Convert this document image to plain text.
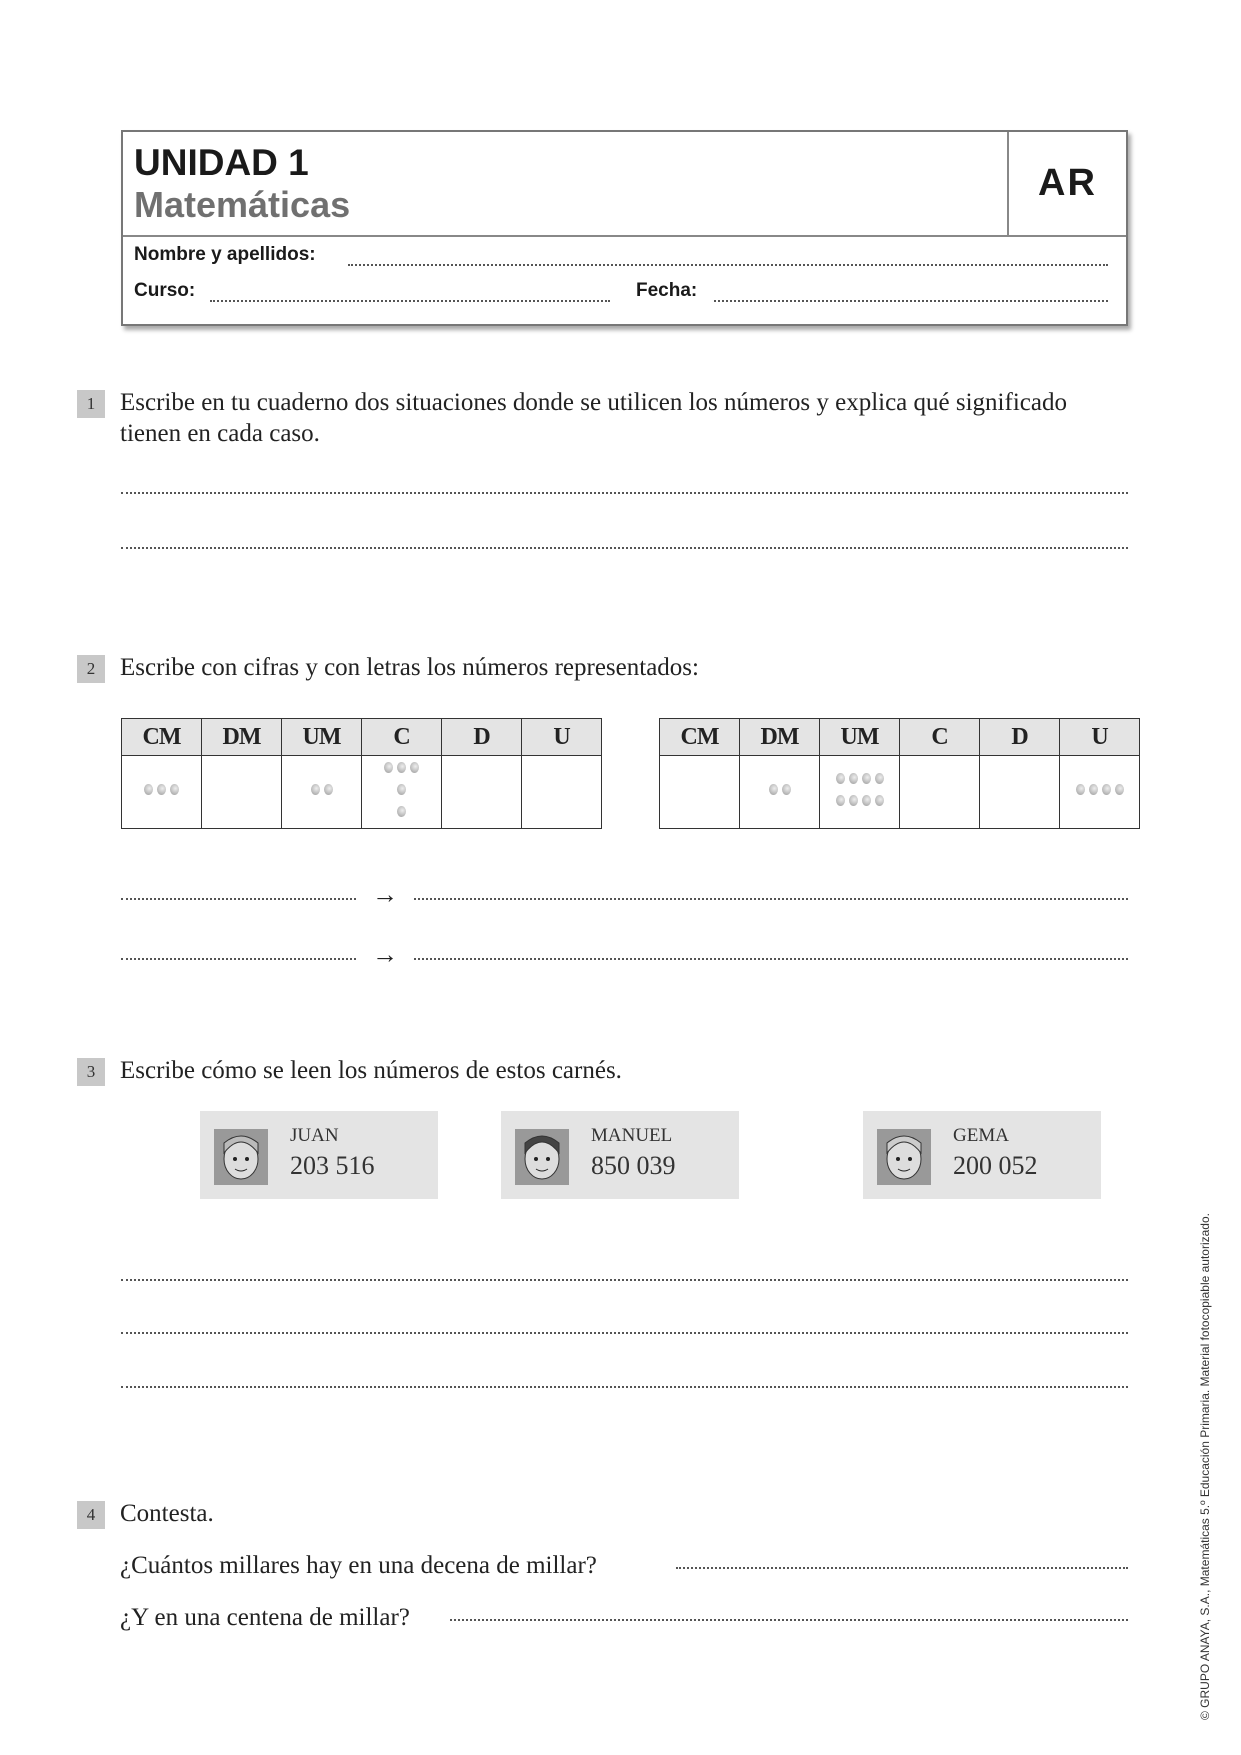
UNIDAD 1
Matemáticas
AR
Nombre y apellidos:
Curso:	Fecha:
1 Escribe en tu cuaderno dos situaciones donde se utilicen los números y explica qué significado tienen en cada caso.
2 Escribe con cifras y con letras los números representados:
CM	DM	UM	C	D	U

			CM	DM	UM	C	D	U

→
→
3 Escribe cómo se leen los números de estos carnés.
JUAN
203 516
MANUEL
850 039
GEMA
200 052
4 Contesta.
¿Cuántos millares hay en una decena de millar?
¿Y en una centena de millar?	© GRUPO ANAYA, S.A., Matemáticas 5.º Educación Primaria. Material fotocopiable autorizado.
